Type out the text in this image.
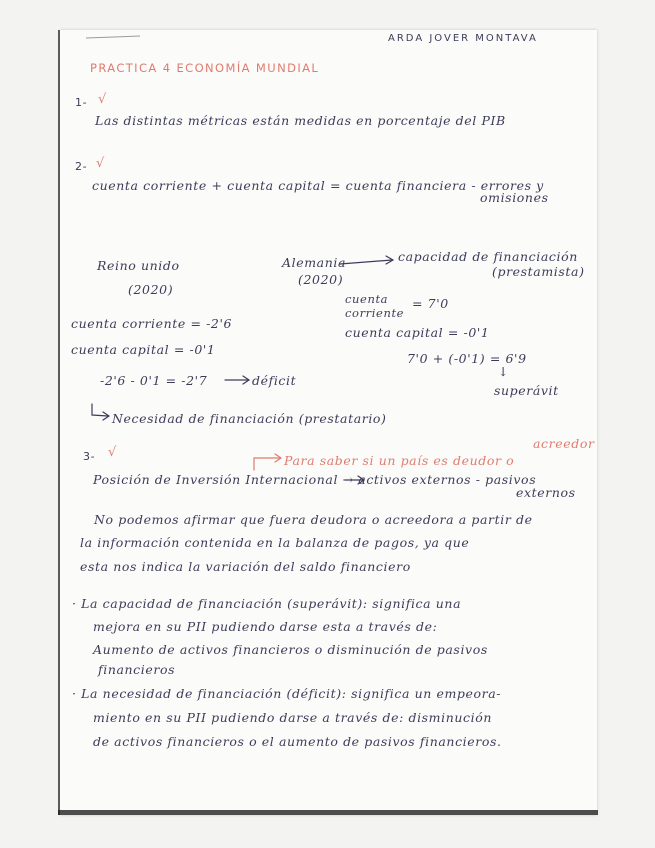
ARDA JOVER MONTAVA
PRACTICA 4 ECONOMÍA MUNDIAL
1- √
Las distintas métricas están medidas en porcentaje del PIB
2- √
cuenta corriente + cuenta capital = cuenta financiera - errores y
omisiones
Reino unido
(2020)
cuenta corriente = -2'6
cuenta capital = -0'1
-2'6 - 0'1 = -2'7	déficit
Necesidad de financiación (prestatario)
Alemania
(2020)
capacidad de financiación
(prestamista)
cuenta
corriente
= 7'0
cuenta capital = -0'1
7'0 + (-0'1) = 6'9
↓
superávit
3- √
acreedor
Para saber si un país es deudor o
Posición de Inversión Internacional → activos externos - pasivos
externos
No podemos afirmar que fuera deudora o acreedora a partir de
la información contenida en la balanza de pagos, ya que
esta nos indica la variación del saldo financiero
· La capacidad de financiación (superávit): significa una
mejora en su PII pudiendo darse esta a través de:
Aumento de activos financieros o disminución de pasivos
financieros
· La necesidad de financiación (déficit): significa un empeora-
miento en su PII pudiendo darse a través de: disminución
de activos financieros o el aumento de pasivos financieros.
